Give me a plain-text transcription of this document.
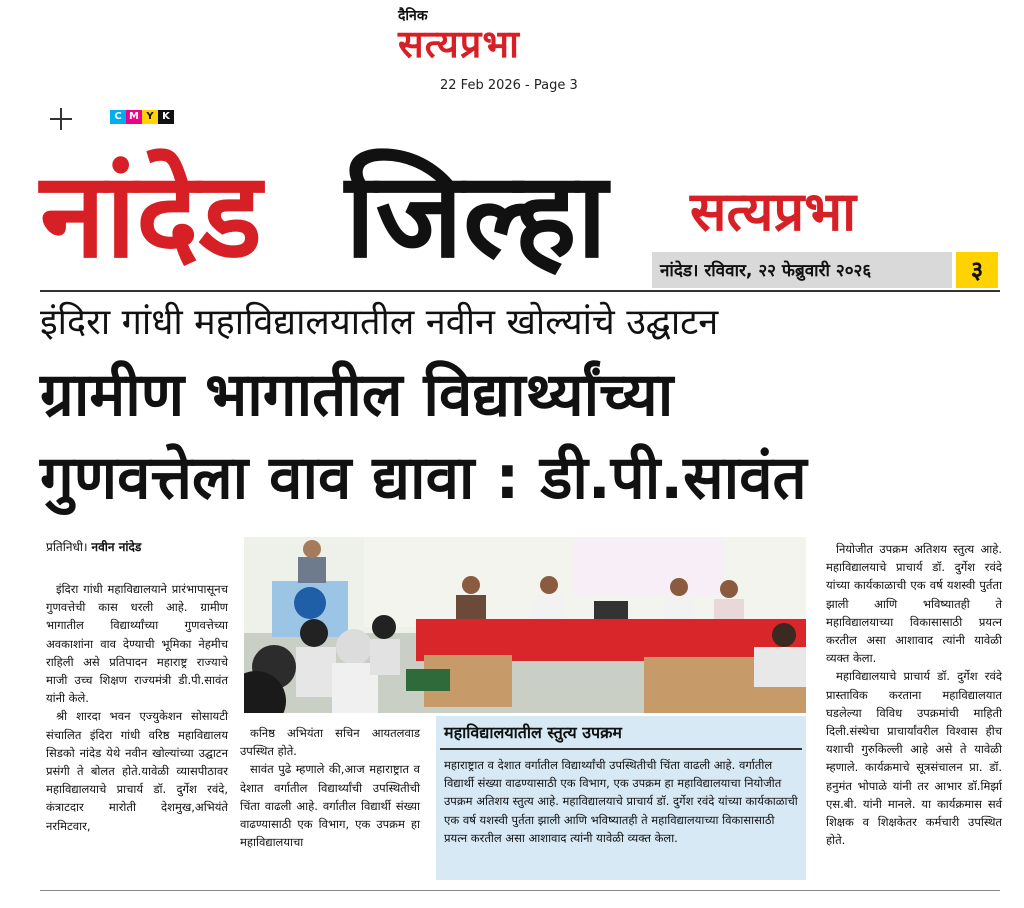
दैनिक
सत्यप्रभा
22 Feb 2026 - Page 3
C M Y K
नांदेड जिल्हा सत्यप्रभा
नांदेड। रविवार, २२ फेब्रुवारी २०२६	३
इंदिरा गांधी महाविद्यालयातील नवीन खोल्यांचे उद्घाटन
ग्रामीण भागातील विद्यार्थ्यांच्या
गुणवत्तेला वाव द्यावा : डी.पी.सावंत
प्रतिनिधी। नवीन नांदेड

इंदिरा गांधी महाविद्यालयाने प्रारंभापासूनच गुणवत्तेची कास धरली आहे. ग्रामीण भागातील विद्यार्थ्यांच्या गुणवत्तेच्या अवकाशांना वाव देण्याची भूमिका नेहमीच राहिली असे प्रतिपादन महाराष्ट्र राज्याचे माजी उच्च शिक्षण राज्यमंत्री डी.पी.सावंत यांनी केले.

श्री शारदा भवन एज्युकेशन सोसायटी संचालित इंदिरा गांधी वरिष्ठ महाविद्यालय सिडको नांदेड येथे नवीन खोल्यांच्या उद्घाटन प्रसंगी ते बोलत होते.यावेळी व्यासपीठावर महाविद्यालयाचे प्राचार्य डॉ. दुर्गेश रवंदे, कंत्राटदार मारोती देशमुख,अभियंते नरमिटवार,

कनिष्ठ अभियंता सचिन आयतलवाड उपस्थित होते.

सावंत पुढे म्हणाले की,आज महाराष्ट्रात व देशात वर्गातील विद्यार्थ्यांची उपस्थितीची चिंता वाढली आहे. वर्गातील विद्यार्थी संख्या वाढण्यासाठी एक विभाग, एक उपक्रम हा महाविद्यालयाचा

महाविद्यालयातील स्तुत्य उपक्रम
महाराष्ट्रात व देशात वर्गातील विद्यार्थ्यांची उपस्थितीची चिंता वाढली आहे. वर्गातील विद्यार्थी संख्या वाढण्यासाठी एक विभाग, एक उपक्रम हा महाविद्यालयाचा नियोजीत उपक्रम अतिशय स्तुत्य आहे. महाविद्यालयाचे प्राचार्य डॉ. दुर्गेश रवंदे यांच्या कार्यकाळाची एक वर्ष यशस्वी पुर्तता झाली आणि भविष्यातही ते महाविद्यालयाच्या विकासासाठी प्रयत्न करतील असा आशावाद त्यांनी यावेळी व्यक्त केला.

नियोजीत उपक्रम अतिशय स्तुत्य आहे. महाविद्यालयाचे प्राचार्य डॉ. दुर्गेश रवंदे यांच्या कार्यकाळाची एक वर्ष यशस्वी पुर्तता झाली आणि भविष्यातही ते महाविद्यालयाच्या विकासासाठी प्रयत्न करतील असा आशावाद त्यांनी यावेळी व्यक्त केला.

महाविद्यालयाचे प्राचार्य डॉ. दुर्गेश रवंदे प्रास्ताविक करताना महाविद्यालयात घडलेल्या विविध उपक्रमांची माहिती दिली.संस्थेचा प्राचार्यांवरील विश्वास हीच यशाची गुरुकिल्ली आहे असे ते यावेळी म्हणाले. कार्यक्रमाचे सूत्रसंचालन प्रा. डॉ. हनुमंत भोपाळे यांनी तर आभार डॉ.मिर्झा एस.बी. यांनी मानले. या कार्यक्रमास सर्व शिक्षक व शिक्षकेतर कर्मचारी उपस्थित होते.
